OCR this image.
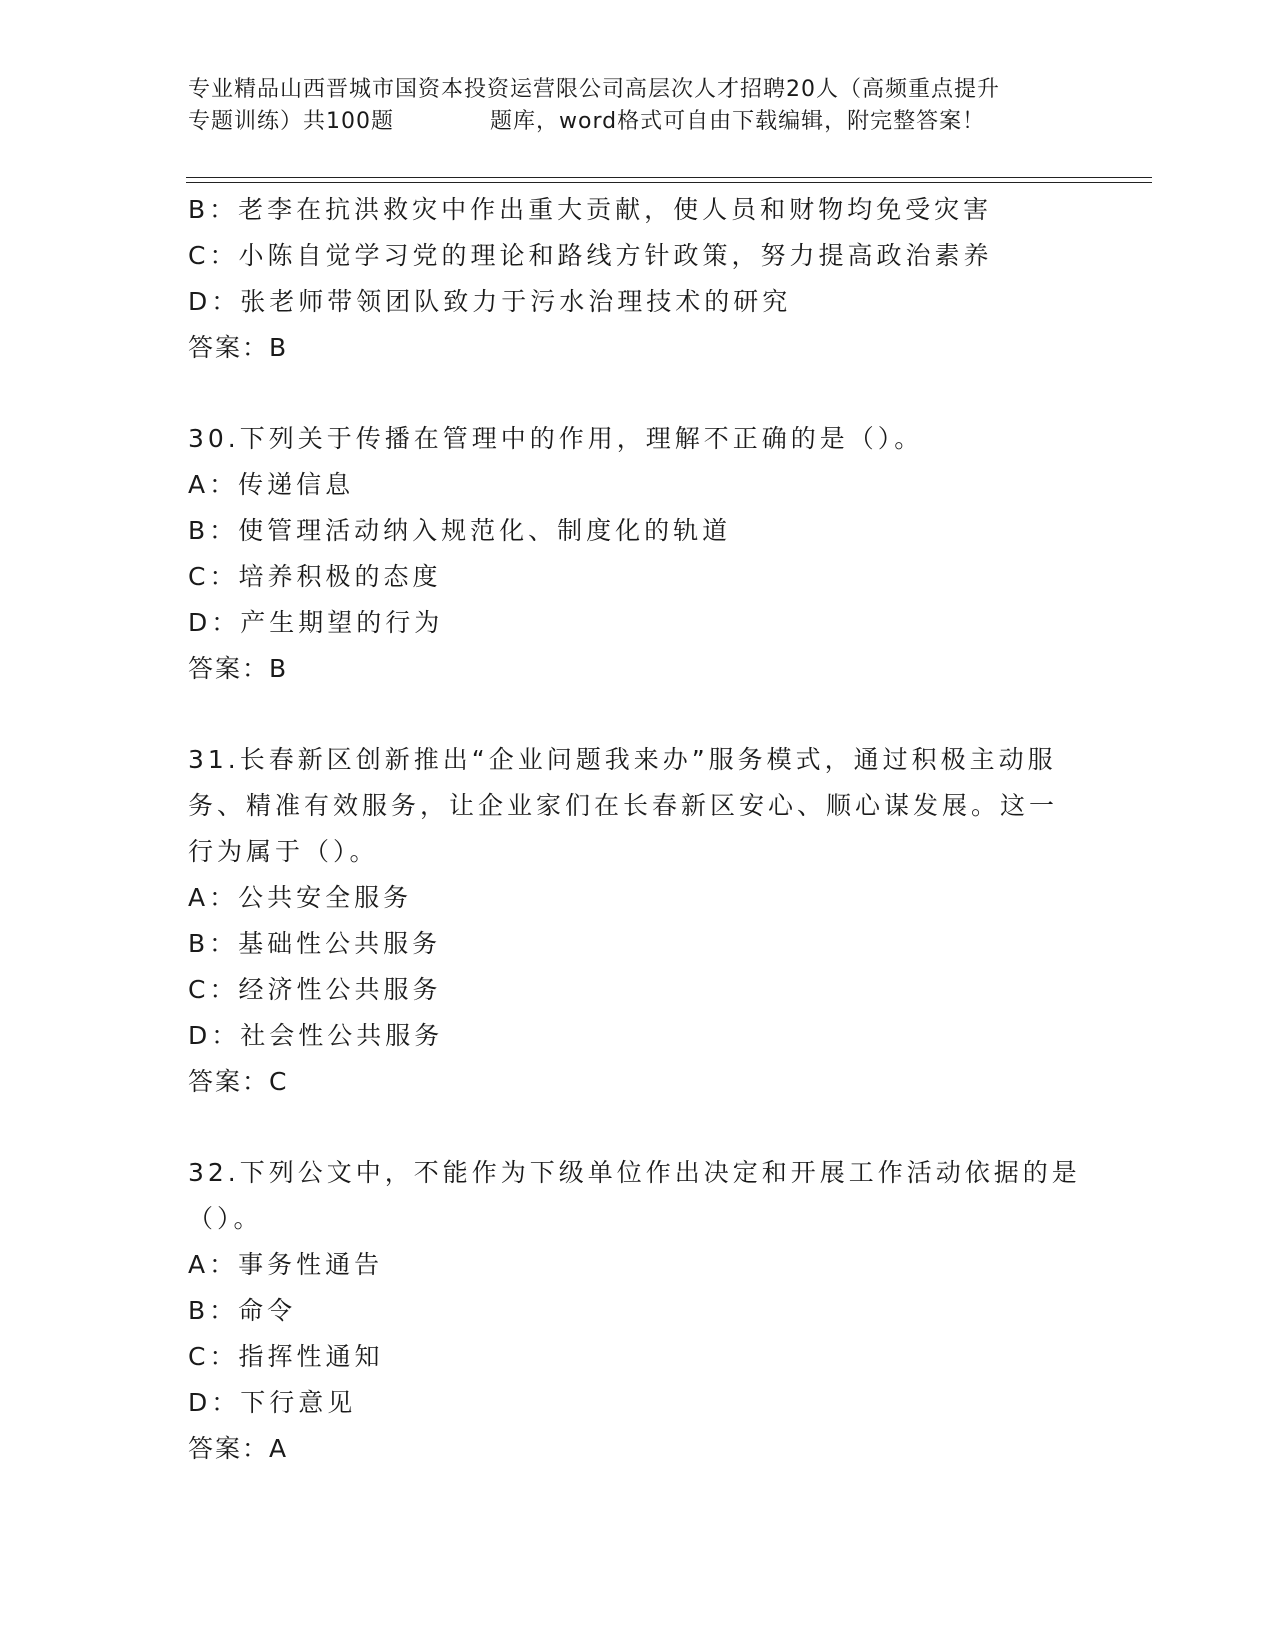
专业精品山西晋城市国资本投资运营限公司高层次人才招聘20人（高频重点提升
专题训练）共100题	题库，word格式可自由下载编辑，附完整答案！
B：老李在抗洪救灾中作出重大贡献，使人员和财物均免受灾害
C：小陈自觉学习党的理论和路线方针政策，努力提高政治素养
D：张老师带领团队致力于污水治理技术的研究
答案：B
30.下列关于传播在管理中的作用，理解不正确的是（）。
A：传递信息
B：使管理活动纳入规范化、制度化的轨道
C：培养积极的态度
D：产生期望的行为
答案：B
31.长春新区创新推出“企业问题我来办”服务模式，通过积极主动服
务、精准有效服务，让企业家们在长春新区安心、顺心谋发展。这一
行为属于（）。
A：公共安全服务
B：基础性公共服务
C：经济性公共服务
D：社会性公共服务
答案：C
32.下列公文中，不能作为下级单位作出决定和开展工作活动依据的是
（）。
A：事务性通告
B：命令
C：指挥性通知
D：下行意见
答案：A
